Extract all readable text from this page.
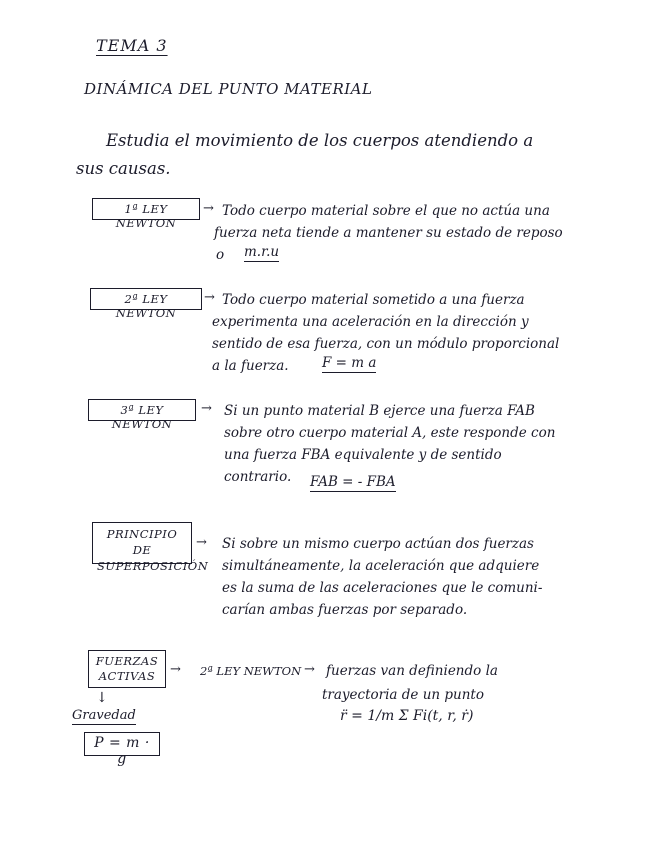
TEMA 3
DINÁMICA DEL PUNTO MATERIAL
Estudia el movimiento de los cuerpos atendiendo a
sus causas.
1ª LEY NEWTON
→ Todo cuerpo material sobre el que no actúa una
fuerza neta tiende a mantener su estado de reposo
o m.r.u
2ª LEY NEWTON
→ Todo cuerpo material sometido a una fuerza
experimenta una aceleración en la dirección y
sentido de esa fuerza, con un módulo proporcional
a la fuerza. F = m a
3ª LEY NEWTON
→ Si un punto material B ejerce una fuerza FAB
sobre otro cuerpo material A, este responde con
una fuerza FBA equivalente y de sentido
contrario. FAB = - FBA
PRINCIPIO DE
SUPERPOSICIÓN
→ Si sobre un mismo cuerpo actúan dos fuerzas
simultáneamente, la aceleración que adquiere
es la suma de las aceleraciones que le comuni-
carían ambas fuerzas por separado.
FUERZAS
ACTIVAS	→ 2ª LEY NEWTON → fuerzas van definiendo la
trayectoria de un punto
r̈ = 1/m Σ Fi(t, r, ṙ)
↓
Gravedad
P = m · g
